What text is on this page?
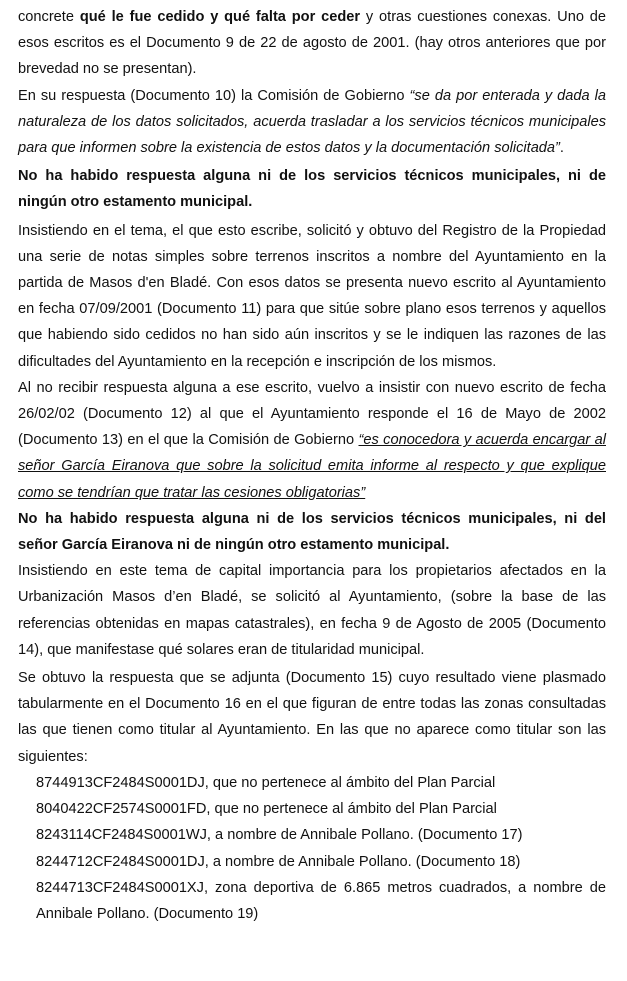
concrete qué le fue cedido y qué falta por ceder y otras cuestiones conexas. Uno de esos escritos es el Documento 9 de 22 de agosto de 2001. (hay otros anteriores que por brevedad no se presentan).

En su respuesta (Documento 10) la Comisión de Gobierno “se da por enterada y dada la naturaleza de los datos solicitados, acuerda trasladar a los servicios técnicos municipales para que informen sobre la existencia de estos datos y la documentación solicitada”.

No ha habido respuesta alguna ni de los servicios técnicos municipales, ni de ningún otro estamento municipal.

Insistiendo en el tema, el que esto escribe, solicitó y obtuvo del Registro de la Propiedad una serie de notas simples sobre terrenos inscritos a nombre del Ayuntamiento en la partida de Masos d'en Bladé. Con esos datos se presenta nuevo escrito al Ayuntamiento en fecha 07/09/2001 (Documento 11) para que sitúe sobre plano esos terrenos y aquellos que habiendo sido cedidos no han sido aún inscritos y se le indiquen las razones de las dificultades del Ayuntamiento en la recepción e inscripción de los mismos.

Al no recibir respuesta alguna a ese escrito, vuelvo a insistir con nuevo escrito de fecha 26/02/02 (Documento 12) al que el Ayuntamiento responde el 16 de Mayo de 2002 (Documento 13) en el que la Comisión de Gobierno “es conocedora y acuerda encargar al señor García Eiranova que sobre la solicitud emita informe al respecto y que explique como se tendrían que tratar las cesiones obligatorias”

No ha habido respuesta alguna ni de los servicios técnicos municipales, ni del señor García Eiranova ni de ningún otro estamento municipal.

Insistiendo en este tema de capital importancia para los propietarios afectados en la Urbanización Masos d’en Bladé, se solicitó al Ayuntamiento, (sobre la base de las referencias obtenidas en mapas catastrales), en fecha 9 de Agosto de 2005 (Documento 14), que manifestase qué solares eran de titularidad municipal.

Se obtuvo la respuesta que se adjunta (Documento 15) cuyo resultado viene plasmado tabularmente en el Documento 16 en el que figuran de entre todas las zonas consultadas las que tienen como titular al Ayuntamiento. En las que no aparece como titular son las siguientes:

8744913CF2484S0001DJ, que no pertenece al ámbito del Plan Parcial
8040422CF2574S0001FD, que no pertenece al ámbito del Plan Parcial
8243114CF2484S0001WJ, a nombre de Annibale Pollano. (Documento 17)
8244712CF2484S0001DJ, a nombre de Annibale Pollano. (Documento 18)
8244713CF2484S0001XJ, zona deportiva de 6.865 metros cuadrados, a nombre de Annibale Pollano. (Documento 19)
